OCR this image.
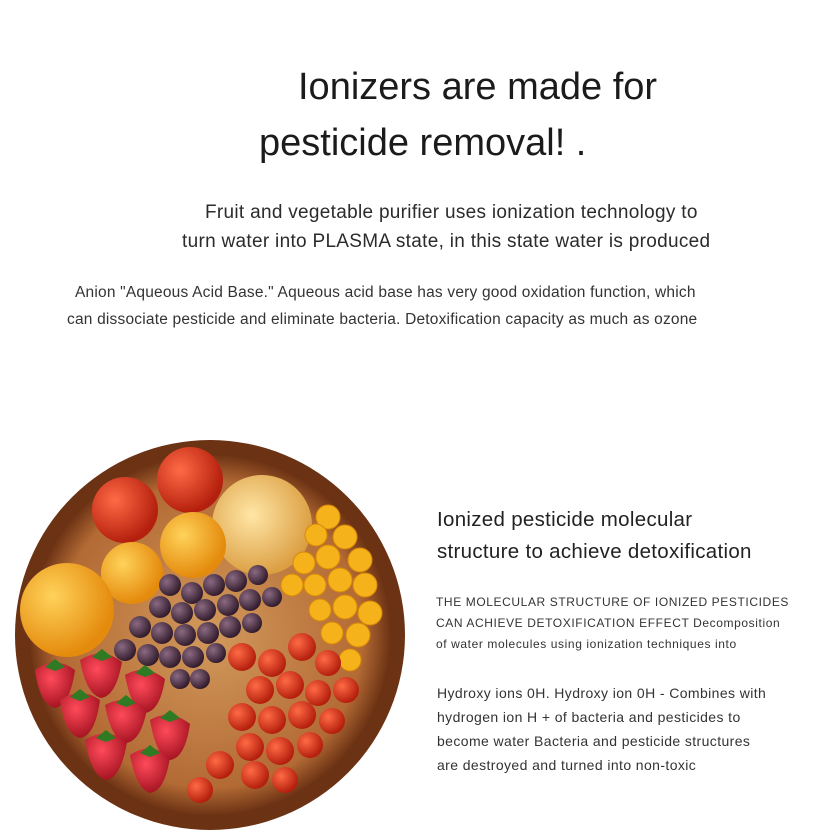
Ionizers are made for
pesticide removal! .
Fruit and vegetable purifier uses ionization technology to
turn water into PLASMA state, in this state water is produced
Anion "Aqueous Acid Base." Aqueous acid base has very good oxidation function, which
can dissociate pesticide and eliminate bacteria. Detoxification capacity as much as ozone
Ionized pesticide molecular
structure to achieve detoxification
THE MOLECULAR STRUCTURE OF IONIZED PESTICIDES
CAN ACHIEVE DETOXIFICATION EFFECT Decomposition
of water molecules using ionization techniques into
Hydroxy ions 0H. Hydroxy ion 0H - Combines with
hydrogen ion H + of bacteria and pesticides to
become water Bacteria and pesticide structures
are destroyed and turned into non-toxic
